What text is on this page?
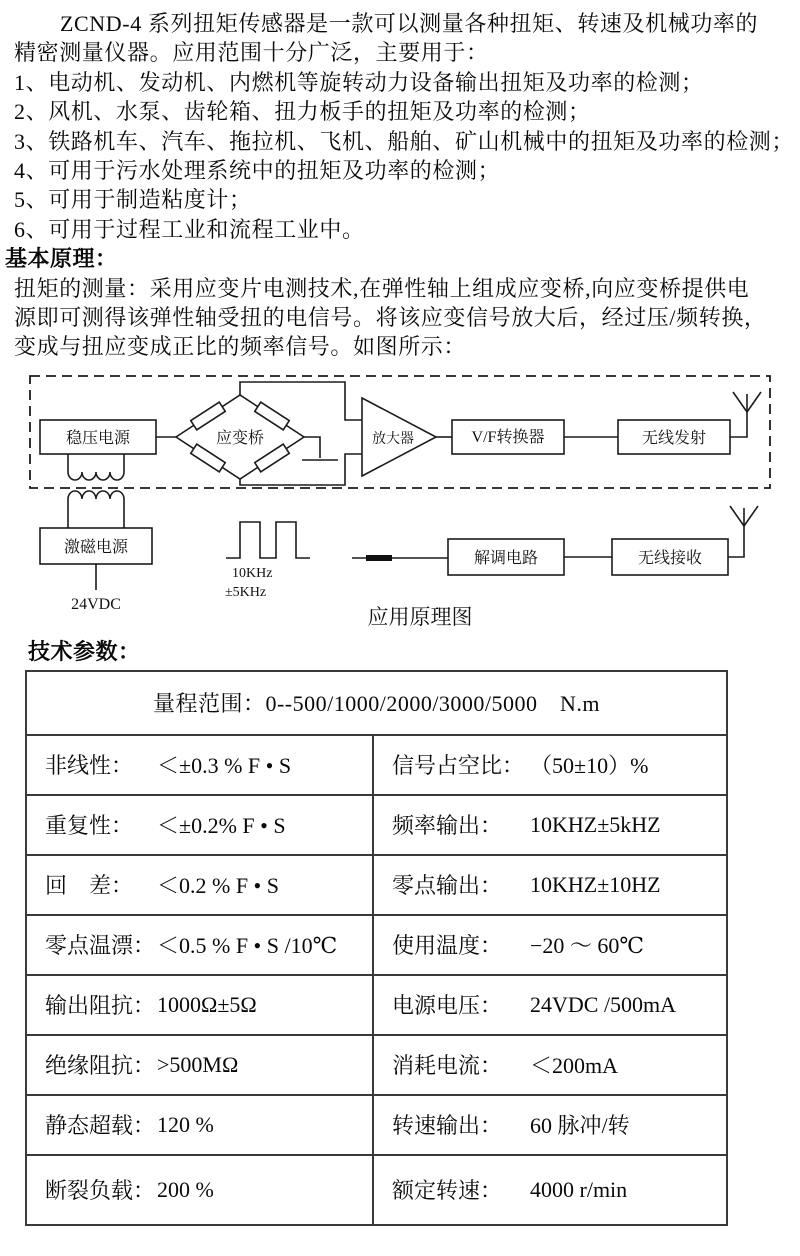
ZCND-4 系列扭矩传感器是一款可以测量各种扭矩、转速及机械功率的
精密测量仪器。应用范围十分广泛，主要用于：
1、电动机、发动机、内燃机等旋转动力设备输出扭矩及功率的检测；
2、风机、水泵、齿轮箱、扭力板手的扭矩及功率的检测；
3、铁路机车、汽车、拖拉机、飞机、船舶、矿山机械中的扭矩及功率的检测；
4、可用于污水处理系统中的扭矩及功率的检测；
5、可用于制造粘度计；
6、可用于过程工业和流程工业中。
基本原理：
扭矩的测量：采用应变片电测技术,在弹性轴上组成应变桥,向应变桥提供电
源即可测得该弹性轴受扭的电信号。将该应变信号放大后，经过压/频转换，
变成与扭应变成正比的频率信号。如图所示：
稳压电源	应变桥	放大器	V/F转换器	无线发射
激磁电源
24VDC
10KHz
±5KHz
解调电路	无线接收
应用原理图
技术参数：
量程范围：0--500/1000/2000/3000/5000　N.m
非线性：	＜±0.3 % F • S	信号占空比： （50±10）%
重复性：	＜±0.2% F • S	频率输出：	10KHZ±5kHZ
回　差：	＜0.2 % F • S	零点输出：	10KHZ±10HZ
零点温漂： ＜0.5 % F • S /10℃ 使用温度：	−20 ～ 60℃
输出阻抗： 1000Ω±5Ω	电源电压：	24VDC /500mA
绝缘阻抗： >500MΩ	消耗电流：	＜200mA
静态超载： 120 %	转速输出：	60 脉冲/转
断裂负载： 200 %	额定转速：	4000 r/min
